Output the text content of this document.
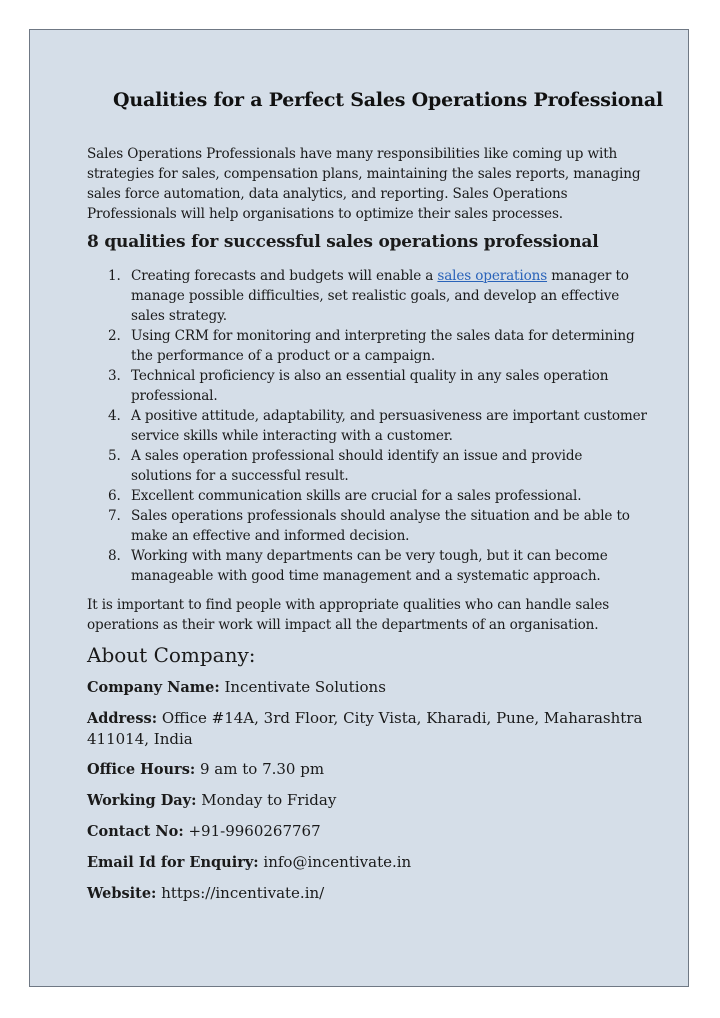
Qualities for a Perfect Sales Operations Professional
Sales Operations Professionals have many responsibilities like coming up with strategies for sales, compensation plans, maintaining the sales reports, managing sales force automation, data analytics, and reporting. Sales Operations Professionals will help organisations to optimize their sales processes.
8 qualities for successful sales operations professional
1. Creating forecasts and budgets will enable a sales operations manager to manage possible difficulties, set realistic goals, and develop an effective sales strategy.
2. Using CRM for monitoring and interpreting the sales data for determining the performance of a product or a campaign.
3. Technical proficiency is also an essential quality in any sales operation professional.
4. A positive attitude, adaptability, and persuasiveness are important customer service skills while interacting with a customer.
5. A sales operation professional should identify an issue and provide solutions for a successful result.
6. Excellent communication skills are crucial for a sales professional.
7. Sales operations professionals should analyse the situation and be able to make an effective and informed decision.
8. Working with many departments can be very tough, but it can become manageable with good time management and a systematic approach.
It is important to find people with appropriate qualities who can handle sales operations as their work will impact all the departments of an organisation.
About Company:
Company Name: Incentivate Solutions
Address: Office #14A, 3rd Floor, City Vista, Kharadi, Pune, Maharashtra 411014, India
Office Hours: 9 am to 7.30 pm
Working Day: Monday to Friday
Contact No: +91-9960267767
Email Id for Enquiry: info@incentivate.in
Website: https://incentivate.in/
